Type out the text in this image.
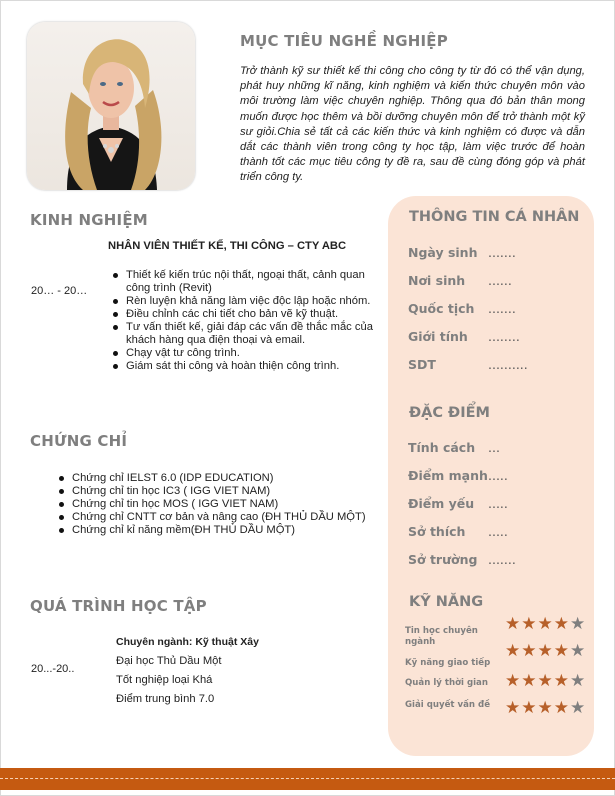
MỤC TIÊU NGHỀ NGHIỆP

Trở thành kỹ sư thiết kế thi công cho công ty từ đó có thể vận dụng, phát huy những kĩ năng, kinh nghiệm và kiến thức chuyên môn vào môi trường làm việc chuyên nghiệp. Thông qua đó bản thân mong muốn được học thêm và bồi dưỡng chuyên môn để trở thành một kỹ sư giỏi.Chia sẻ tất cả các kiến thức và kinh nghiệm có được và dẫn dắt các thành viên trong công ty học tập, làm việc trước để hoàn thành tốt các mục tiêu công ty đề ra, sau đề cùng đóng góp và phát triển công ty.

KINH NGHIỆM

NHÂN VIÊN THIẾT KẾ, THI CÔNG – CTY ABC

20… - 20…
Thiết kế kiến trúc nội thất, ngoại thất, cảnh quan công trình (Revit)
Rèn luyện khả năng làm việc độc lập hoặc nhóm.
Điều chỉnh các chi tiết cho bản vẽ kỹ thuật.
Tư vấn thiết kế, giải đáp các vấn đề thắc mắc của khách hàng qua điện thoại và email.
Chạy vật tư công trình.
Giám sát thi công và hoàn thiện công trình.
CHỨNG CHỈ
Chứng chỉ IELST 6.0 (IDP EDUCATION)
Chứng chỉ tin học IC3 ( IGG VIET NAM)
Chứng chỉ tin học MOS ( IGG VIET NAM)
Chứng chỉ CNTT cơ bản và nâng cao (ĐH THỦ DẦU MỘT)
Chứng chỉ kỉ năng mềm(ĐH THỦ DẦU MỘT)
QUÁ TRÌNH HỌC TẬP
20...-20..

Chuyên ngành: Kỹ thuật Xây

Đại học Thủ Dầu Một

Tốt nghiệp loại Khá

Điểm trung bình 7.0

THÔNG TIN CÁ NHÂN
Ngày sinh .......
Nơi sinh ......
Quốc tịch .......
Giới tính ........
SDT	..........
ĐẶC ĐIỂM
Tính cách ...
Điểm mạnh .....
Điểm yếu .....
Sở thích .....
Sở trường .......
KỸ NĂNG
Tin học chuyên ngành
★★★★★
Kỹ năng giao tiếp
★★★★★
Quản lý thời gian ★★★★★
Giải quyết vấn đề ★★★★★
